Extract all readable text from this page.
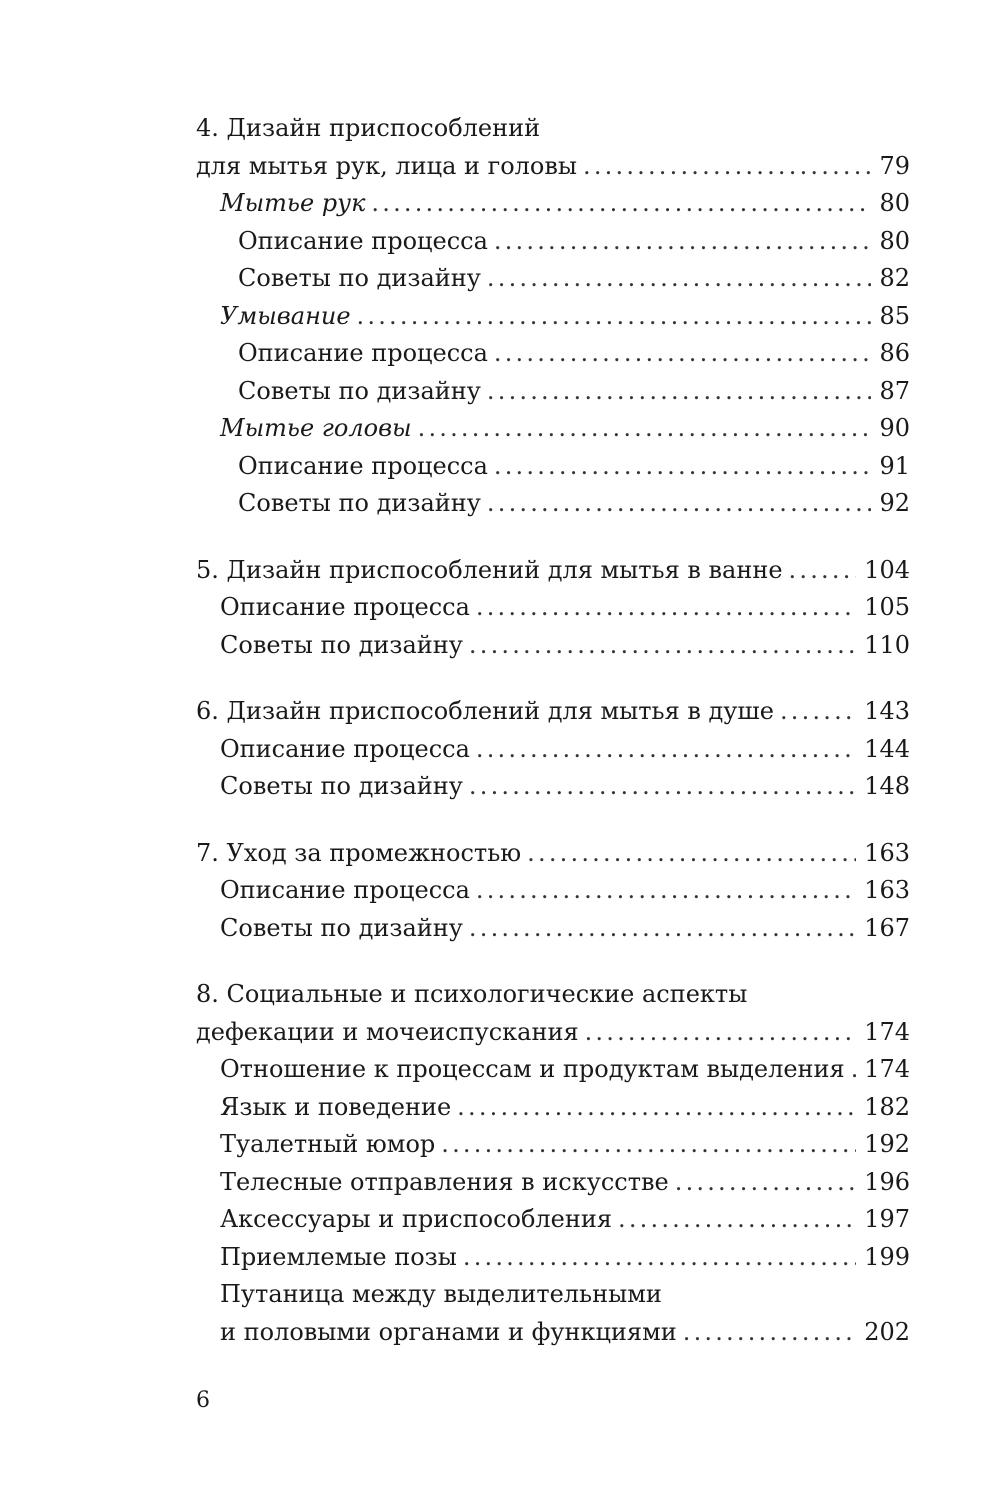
4. Дизайн приспособлений
для мытья рук, лица и головы .....	79
Мытье рук .....	80
Описание процесса .....	80
Советы по дизайну .....	82
Умывание .....	85
Описание процесса .....	86
Советы по дизайну .....	87
Мытье головы .....	90
Описание процесса .....	91
Советы по дизайну .....	92
5. Дизайн приспособлений для мытья в ванне .....	104
Описание процесса .....	105
Советы по дизайну .....	110
6. Дизайн приспособлений для мытья в душе .....	143
Описание процесса .....	144
Советы по дизайну .....	148
7. Уход за промежностью .....	163
Описание процесса .....	163
Советы по дизайну .....	167
8. Социальные и психологические аспекты
дефекации и мочеиспускания .....	174
Отношение к процессам и продуктам выделения ..... 174
Язык и поведение .....	182
Туалетный юмор .....	192
Телесные отправления в искусстве .....	196
Аксессуары и приспособления .....	197
Приемлемые позы .....	199
Путаница между выделительными
и половыми органами и функциями .....	202
6
